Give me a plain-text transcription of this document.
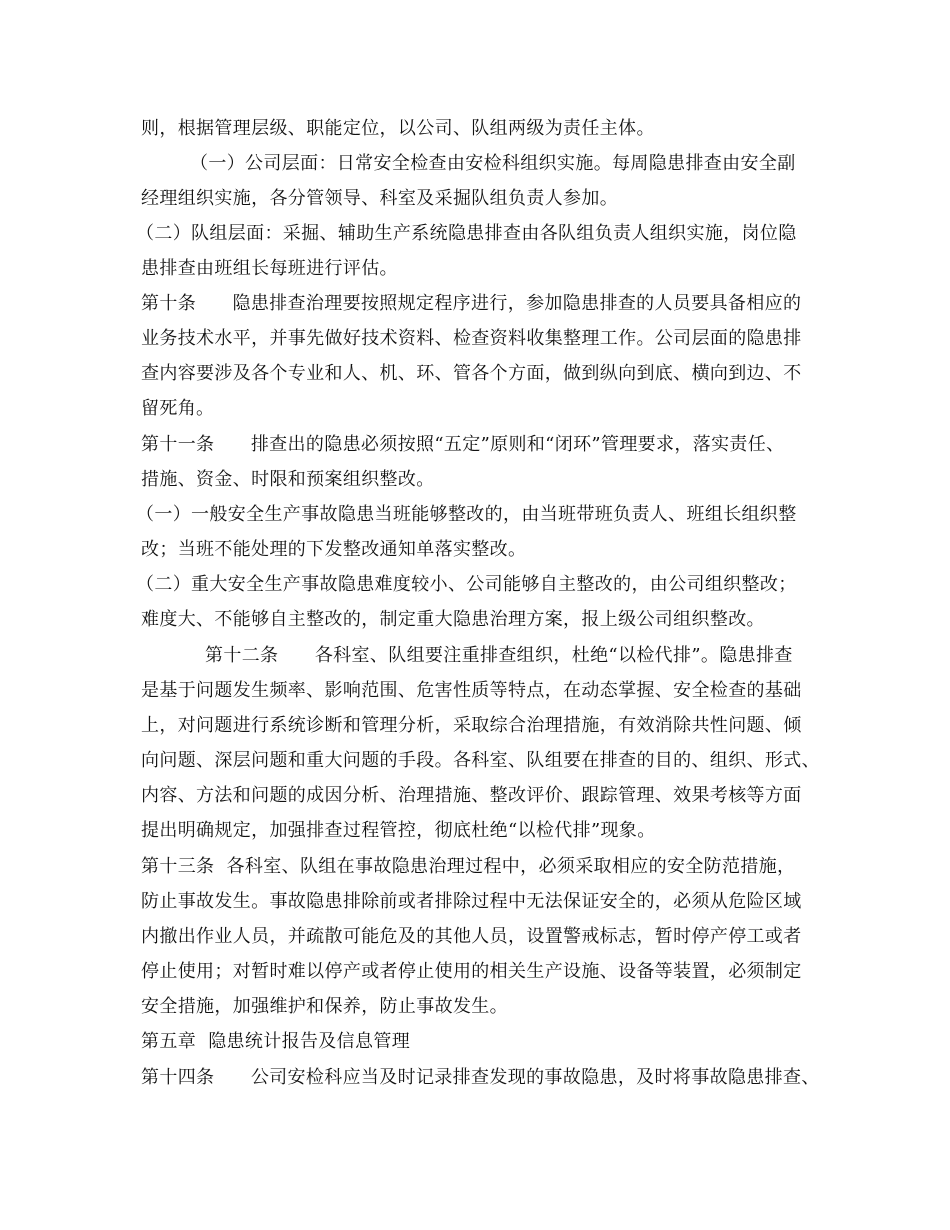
则，根据管理层级、职能定位，以公司、队组两级为责任主体。
（一）公司层面：日常安全检查由安检科组织实施。每周隐患排查由安全副
经理组织实施，各分管领导、科室及采掘队组负责人参加。
（二）队组层面：采掘、辅助生产系统隐患排查由各队组负责人组织实施，岗位隐
患排查由班组长每班进行评估。
第十条      隐患排查治理要按照规定程序进行，参加隐患排查的人员要具备相应的
业务技术水平，并事先做好技术资料、检查资料收集整理工作。公司层面的隐患排
查内容要涉及各个专业和人、机、环、管各个方面，做到纵向到底、横向到边、不
留死角。
第十一条      排查出的隐患必须按照“五定”原则和“闭环”管理要求，落实责任、
措施、资金、时限和预案组织整改。
（一）一般安全生产事故隐患当班能够整改的，由当班带班负责人、班组长组织整
改；当班不能处理的下发整改通知单落实整改。
（二）重大安全生产事故隐患难度较小、公司能够自主整改的，由公司组织整改；
难度大、不能够自主整改的，制定重大隐患治理方案，报上级公司组织整改。
第十二条      各科室、队组要注重排查组织，杜绝“以检代排”。隐患排查
是基于问题发生频率、影响范围、危害性质等特点，在动态掌握、安全检查的基础
上，对问题进行系统诊断和管理分析，采取综合治理措施，有效消除共性问题、倾
向问题、深层问题和重大问题的手段。各科室、队组要在排查的目的、组织、形式、
内容、方法和问题的成因分析、治理措施、整改评价、跟踪管理、效果考核等方面
提出明确规定，加强排查过程管控，彻底杜绝“以检代排”现象。
第十三条  各科室、队组在事故隐患治理过程中，必须采取相应的安全防范措施，
防止事故发生。事故隐患排除前或者排除过程中无法保证安全的，必须从危险区域
内撤出作业人员，并疏散可能危及的其他人员，设置警戒标志，暂时停产停工或者
停止使用；对暂时难以停产或者停止使用的相关生产设施、设备等装置，必须制定
安全措施，加强维护和保养，防止事故发生。
第五章  隐患统计报告及信息管理
第十四条      公司安检科应当及时记录排查发现的事故隐患，及时将事故隐患排查、
